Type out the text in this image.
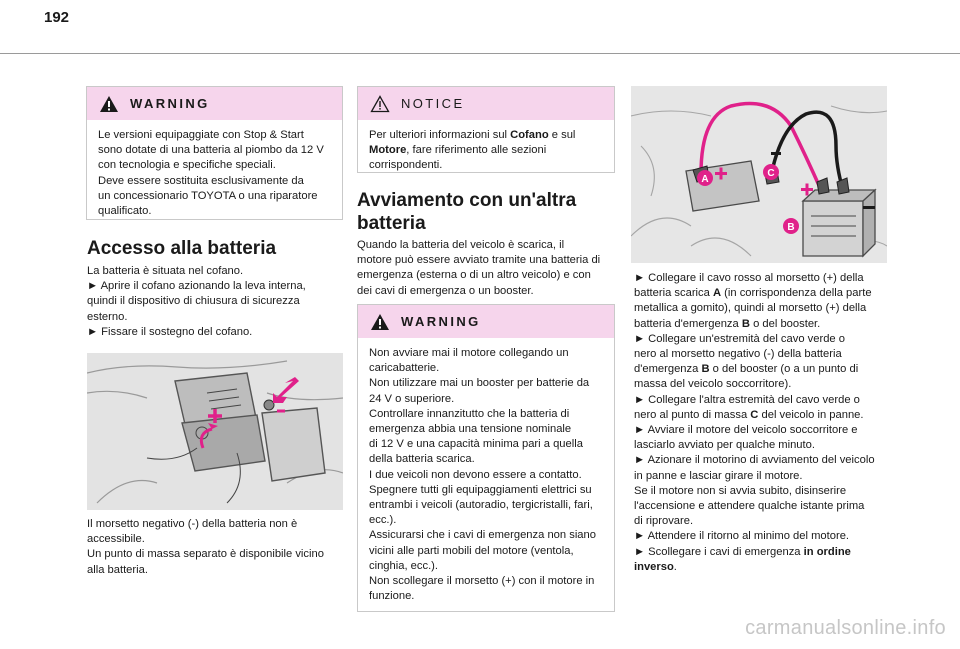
192
WARNING
Le versioni equipaggiate con Stop & Start
sono dotate di una batteria al piombo da 12 V
con tecnologia e specifiche speciali.
Deve essere sostituita esclusivamente da
un concessionario TOYOTA o una riparatore
qualificato.
Accesso alla batteria
La batteria è situata nel cofano.
► Aprire il cofano azionando la leva interna,
quindi il dispositivo di chiusura di sicurezza
esterno.
► Fissare il sostegno del cofano.
Il morsetto negativo (-) della batteria non è
accessibile.
Un punto di massa separato è disponibile vicino
alla batteria.
NOTICE
Per ulteriori informazioni sul Cofano e sul
Motore, fare riferimento alle sezioni
corrispondenti.
Avviamento con un'altra
batteria
Quando la batteria del veicolo è scarica, il
motore può essere avviato tramite una batteria di
emergenza (esterna o di un altro veicolo) e con
dei cavi di emergenza o un booster.
WARNING
Non avviare mai il motore collegando un
caricabatterie.
Non utilizzare mai un booster per batterie da
24 V o superiore.
Controllare innanzitutto che la batteria di
emergenza abbia una tensione nominale
di 12 V e una capacità minima pari a quella
della batteria scarica.
I due veicoli non devono essere a contatto.
Spegnere tutti gli equipaggiamenti elettrici su
entrambi i veicoli (autoradio, tergicristalli, fari,
ecc.).
Assicurarsi che i cavi di emergenza non siano
vicini alle parti mobili del motore (ventola,
cinghia, ecc.).
Non scollegare il morsetto (+) con il motore in
funzione.
A
B
C
► Collegare il cavo rosso al morsetto (+) della
batteria scarica A (in corrispondenza della parte
metallica a gomito), quindi al morsetto (+) della
batteria d'emergenza B o del booster.
► Collegare un'estremità del cavo verde o
nero al morsetto negativo (-) della batteria
d'emergenza B o del booster (o a un punto di
massa del veicolo soccorritore).
► Collegare l'altra estremità del cavo verde o
nero al punto di massa C del veicolo in panne.
► Avviare il motore del veicolo soccorritore e
lasciarlo avviato per qualche minuto.
► Azionare il motorino di avviamento del veicolo
in panne e lasciar girare il motore.
Se il motore non si avvia subito, disinserire
l'accensione e attendere qualche istante prima
di riprovare.
► Attendere il ritorno al minimo del motore.
► Scollegare i cavi di emergenza in ordine
inverso.
carmanualsonline.info
